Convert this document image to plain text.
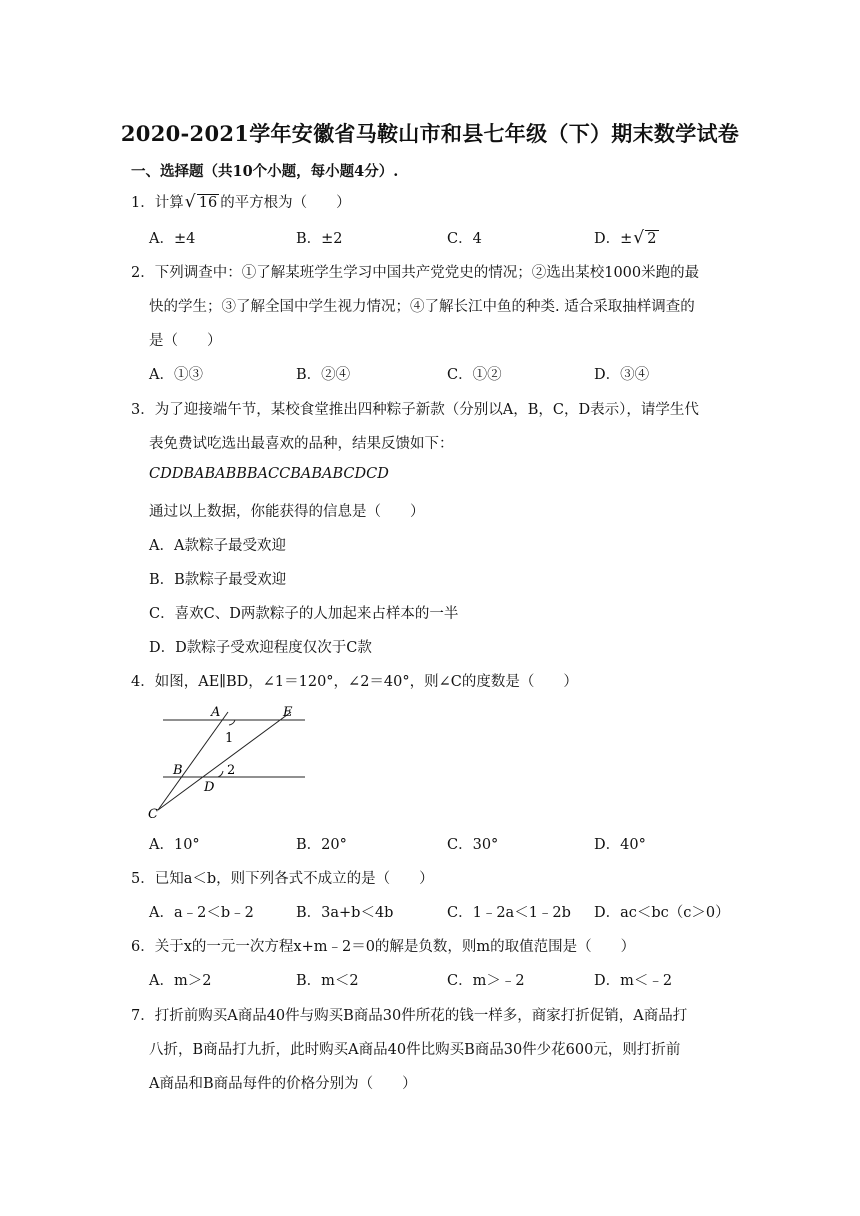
2020-2021学年安徽省马鞍山市和县七年级（下）期末数学试卷
一、选择题（共10个小题，每小题4分）.
1．计算 √ 16 的平方根为（　　）
A．±4	B．±2	C．4	D．± √ 2
2．下列调查中：①了解某班学生学习中国共产党党史的情况；②选出某校1000米跑的最
快的学生；③了解全国中学生视力情况；④了解长江中鱼的种类. 适合采取抽样调查的
是（　　）
A．①③	B．②④	C．①②	D．③④
3．为了迎接端午节，某校食堂推出四种粽子新款（分别以A，B，C，D表示），请学生代
表免费试吃选出最喜欢的品种，结果反馈如下：
CDDBABABBBACCBABABCDCD
通过以上数据，你能获得的信息是（　　）
A．A款粽子最受欢迎
B．B款粽子最受欢迎
C．喜欢C、D两款粽子的人加起来占样本的一半
D．D款粽子受欢迎程度仅次于C款
4．如图，AE∥BD，∠1＝120°，∠2＝40°，则∠C的度数是（　　）
A	E
1
B	2
D
C
A．10°	B．20°	C．30°	D．40°
5．已知a＜b，则下列各式不成立的是（　　）
A．a﹣2＜b﹣2	B．3a+b＜4b	C．1﹣2a＜1﹣2b D．ac＜bc（c＞0）
6．关于x的一元一次方程x+m﹣2＝0的解是负数，则m的取值范围是（　　）
A．m＞2	B．m＜2	C．m＞﹣2	D．m＜﹣2
7．打折前购买A商品40件与购买B商品30件所花的钱一样多，商家打折促销，A商品打
八折，B商品打九折，此时购买A商品40件比购买B商品30件少花600元，则打折前
A商品和B商品每件的价格分别为（　　）
